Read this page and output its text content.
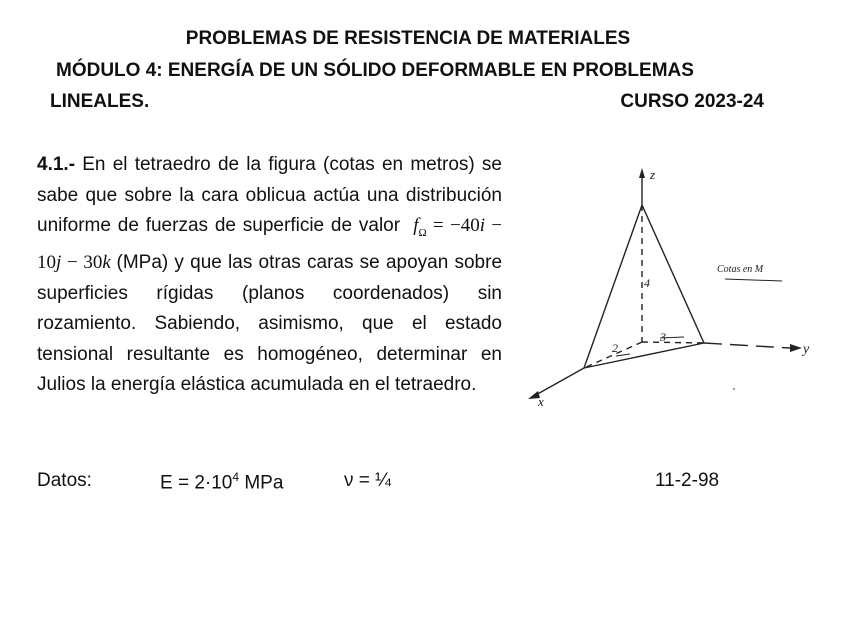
PROBLEMAS DE RESISTENCIA DE MATERIALES
MÓDULO 4: ENERGÍA DE UN SÓLIDO DEFORMABLE EN PROBLEMAS
LINEALES.	CURSO 2023-24
4.1.- En el tetraedro de la figura (cotas en metros) se sabe que sobre la cara oblicua actúa una distribución uniforme de fuerzas de superficie de valor $f_\Omega = -40i - 10j - 30k$ (MPa) y que las otras caras se apoyan sobre superficies rígidas (planos coordenados) sin rozamiento. Sabiendo, asimismo, que el estado tensional resultante es homogéneo, determinar en Julios la energía elástica acumulada en el tetraedro.
Datos:	$E = 2\cdot 10^4$ MPa	ν = ¼	11-2-98
z
y
x
4
3
2
Cotas en M
